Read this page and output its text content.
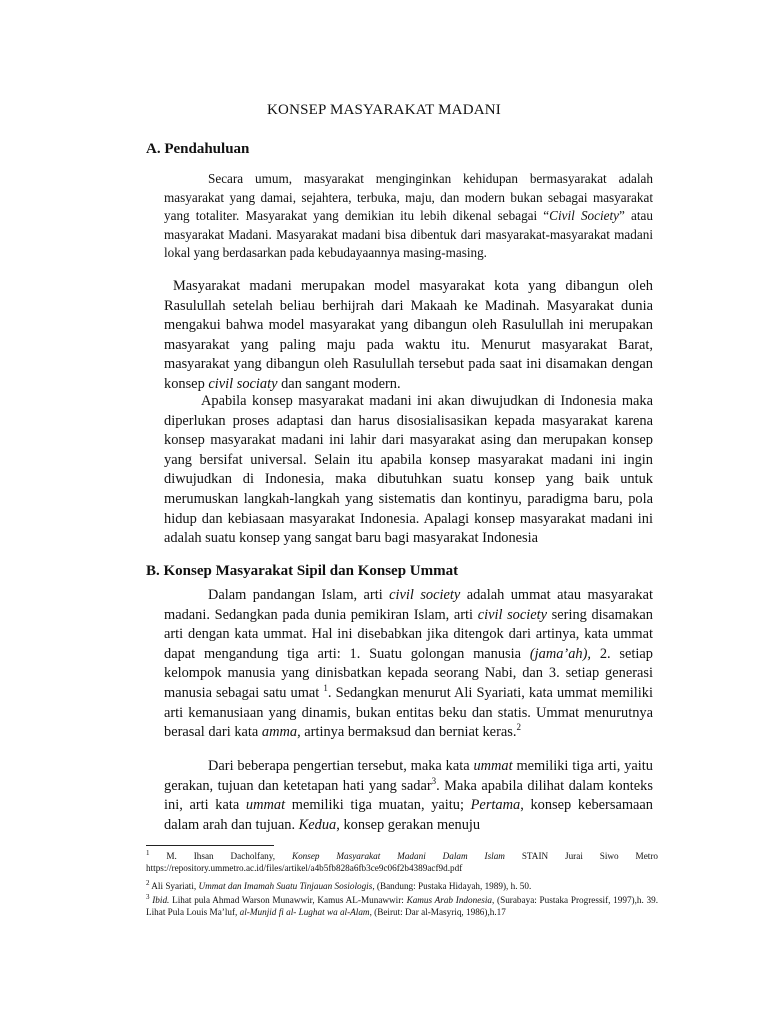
KONSEP MASYARAKAT MADANI
A. Pendahuluan

Secara umum, masyarakat menginginkan kehidupan bermasyarakat adalah masyarakat yang damai, sejahtera, terbuka, maju, dan modern bukan sebagai masyarakat yang totaliter. Masyarakat yang demikian itu lebih dikenal sebagai “Civil Society” atau masyarakat Madani. Masyarakat madani bisa dibentuk dari masyarakat-masyarakat madani lokal yang berdasarkan pada kebudayaannya masing-masing.

Masyarakat madani merupakan model masyarakat kota yang dibangun oleh Rasulullah setelah beliau berhijrah dari Makaah ke Madinah. Masyarakat dunia mengakui bahwa model masyarakat yang dibangun oleh Rasulullah ini merupakan masyarakat yang paling maju pada waktu itu. Menurut masyarakat Barat, masyarakat yang dibangun oleh Rasulullah tersebut pada saat ini disamakan dengan konsep civil sociaty dan sangant modern.

Apabila konsep masyarakat madani ini akan diwujudkan di Indonesia maka diperlukan proses adaptasi dan harus disosialisasikan kepada masyarakat karena konsep masyarakat madani ini lahir dari masyarakat asing dan merupakan konsep yang bersifat universal. Selain itu apabila konsep masyarakat madani ini ingin diwujudkan di Indonesia, maka dibutuhkan suatu konsep yang baik untuk merumuskan langkah-langkah yang sistematis dan kontinyu, paradigma baru, pola hidup dan kebiasaan masyarakat Indonesia. Apalagi konsep masyarakat madani ini adalah suatu konsep yang sangat baru bagi masyarakat Indonesia

B. Konsep Masyarakat Sipil dan Konsep Ummat

Dalam pandangan Islam, arti civil society adalah ummat atau masyarakat madani. Sedangkan pada dunia pemikiran Islam, arti civil society sering disamakan arti dengan kata ummat. Hal ini disebabkan jika ditengok dari artinya, kata ummat dapat mengandung tiga arti: 1. Suatu golongan manusia (jama’ah), 2. setiap kelompok manusia yang dinisbatkan kepada seorang Nabi, dan 3. setiap generasi manusia sebagai satu umat $^1$. Sedangkan menurut Ali Syariati, kata ummat memiliki arti kemanusiaan yang dinamis, bukan entitas beku dan statis. Ummat menurutnya berasal dari kata amma, artinya bermaksud dan berniat keras.$^2$

Dari beberapa pengertian tersebut, maka kata ummat memiliki tiga arti, yaitu gerakan, tujuan dan ketetapan hati yang sadar$^3$. Maka apabila dilihat dalam konteks ini, arti kata ummat memiliki tiga muatan, yaitu; Pertama, konsep kebersamaan dalam arah dan tujuan. Kedua, konsep gerakan menuju

$^1$ M. Ihsan Dacholfany, Konsep Masyarakat Madani Dalam Islam STAIN Jurai Siwo Metro https://repository.ummetro.ac.id/files/artikel/a4b5fb828a6fb3ce9c06f2b4389acf9d.pdf

$^2$ Ali Syariati, Ummat dan Imamah Suatu Tinjauan Sosiologis, (Bandung: Pustaka Hidayah, 1989), h. 50.

$^3$ Ibid. Lihat pula Ahmad Warson Munawwir, Kamus AL-Munawwir: Kamus Arab Indonesia, (Surabaya: Pustaka Progressif, 1997),h. 39. Lihat Pula Louis Ma’luf, al-Munjid fi al- Lughat wa al-Alam, (Beirut: Dar al-Masyriq, 1986),h.17
